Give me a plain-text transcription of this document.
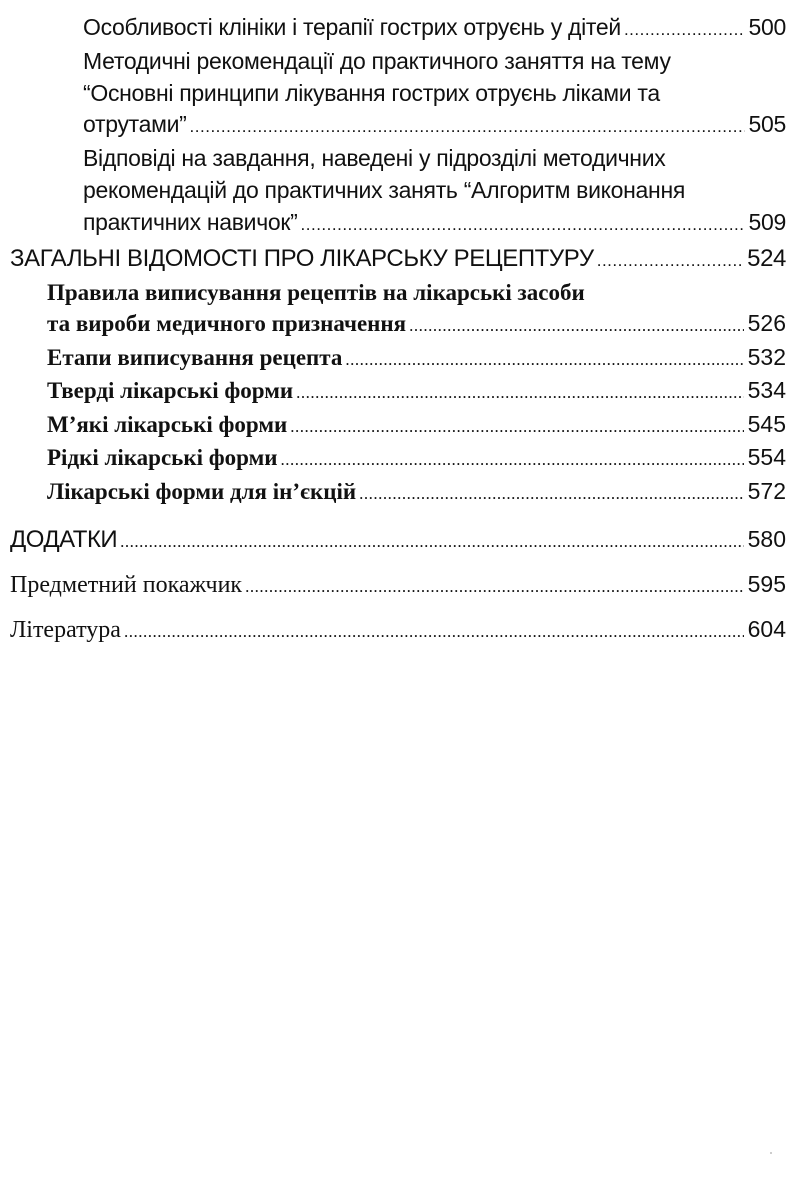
Особливості клініки і терапії гострих отруєнь у дітей .....	500
Методичні рекомендації до практичного заняття на тему
“Основні принципи лікування гострих отруєнь ліками та
отрутами” .....	505
Відповіді на завдання, наведені у підрозділі методичних
рекомендацій до практичних занять “Алгоритм виконання
практичних навичок” .....	509
ЗАГАЛЬНІ ВІДОМОСТІ ПРО ЛІКАРСЬКУ РЕЦЕПТУРУ .....	524
Правила виписування рецептів на лікарські засоби
та вироби медичного призначення .....	526
Етапи виписування рецепта .....	532
Тверді лікарські форми .....	534
М’які лікарські форми .....	545
Рідкі лікарські форми .....	554
Лікарські форми для ін’єкцій .....	572
ДОДАТКИ .....	580
Предметний покажчик .....	595
Література .....	604
